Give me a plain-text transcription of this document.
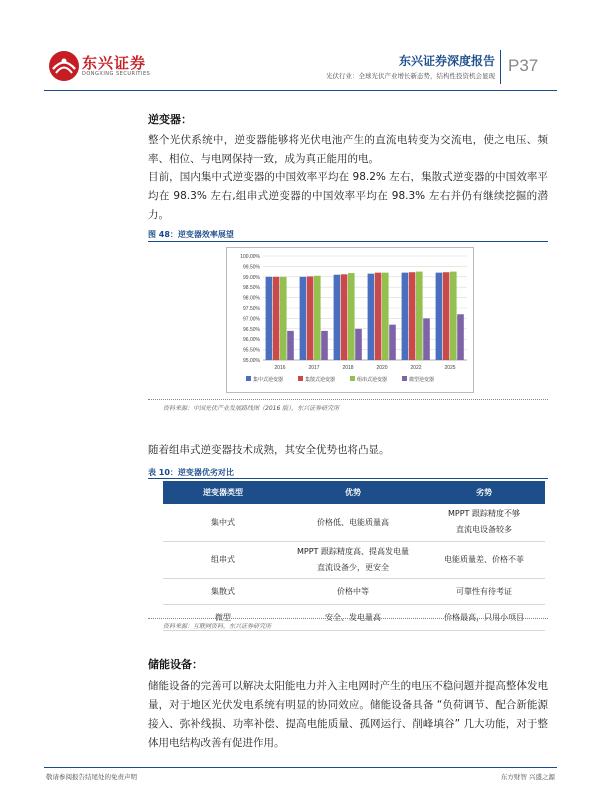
东兴证券
DONGXING SECURITIES
东兴证券深度报告
光伏行业：全球光伏产业增长新态势，结构性投资机会显现
P37
逆变器：
整个光伏系统中，逆变器能够将光伏电池产生的直流电转变为交流电，使之电压、频率、相位、与电网保持一致，成为真正能用的电。
目前，国内集中式逆变器的中国效率平均在 98.2% 左右，集散式逆变器的中国效率平均在 98.3% 左右,组串式逆变器的中国效率平均在 98.3% 左右并仍有继续挖掘的潜力。
图 48：逆变器效率展望
95.00%
95.50%
96.00%
96.50%
97.00%
97.50%
98.00%
98.50%
99.00%
99.50%
100.00%
2016	2017	2018	2020	2022	2025
集中式逆变器	集散式逆变器	组串式逆变器	微型逆变器
资料来源：中国光伏产业发展路线图（2016 版），东兴证券研究所
随着组串式逆变器技术成熟，其安全优势也将凸显。
表 10：逆变器优劣对比
逆变器类型	优势	劣势
集中式	价格低、电能质量高	MPPT 跟踪精度不够
直流电设备较多

组串式	MPPT 跟踪精度高、提高发电量
直流设备少，更安全	电能质量差、价格不菲

集散式	价格中等	可靠性有待考证

微型	安全、发电量高	价格最高，只用小项目
资料来源：互联网资料，东兴证券研究所
储能设备：
储能设备的完善可以解决太阳能电力并入主电网时产生的电压不稳问题并提高整体发电量，对于地区光伏发电系统有明显的协同效应。储能设备具备 “负荷调节、配合新能源接入、弥补线损、功率补偿、提高电能质量、孤网运行、削峰填谷” 几大功能，对于整体用电结构改善有促进作用。
敬请参阅报告结尾处的免责声明	东方财智 兴盛之源
